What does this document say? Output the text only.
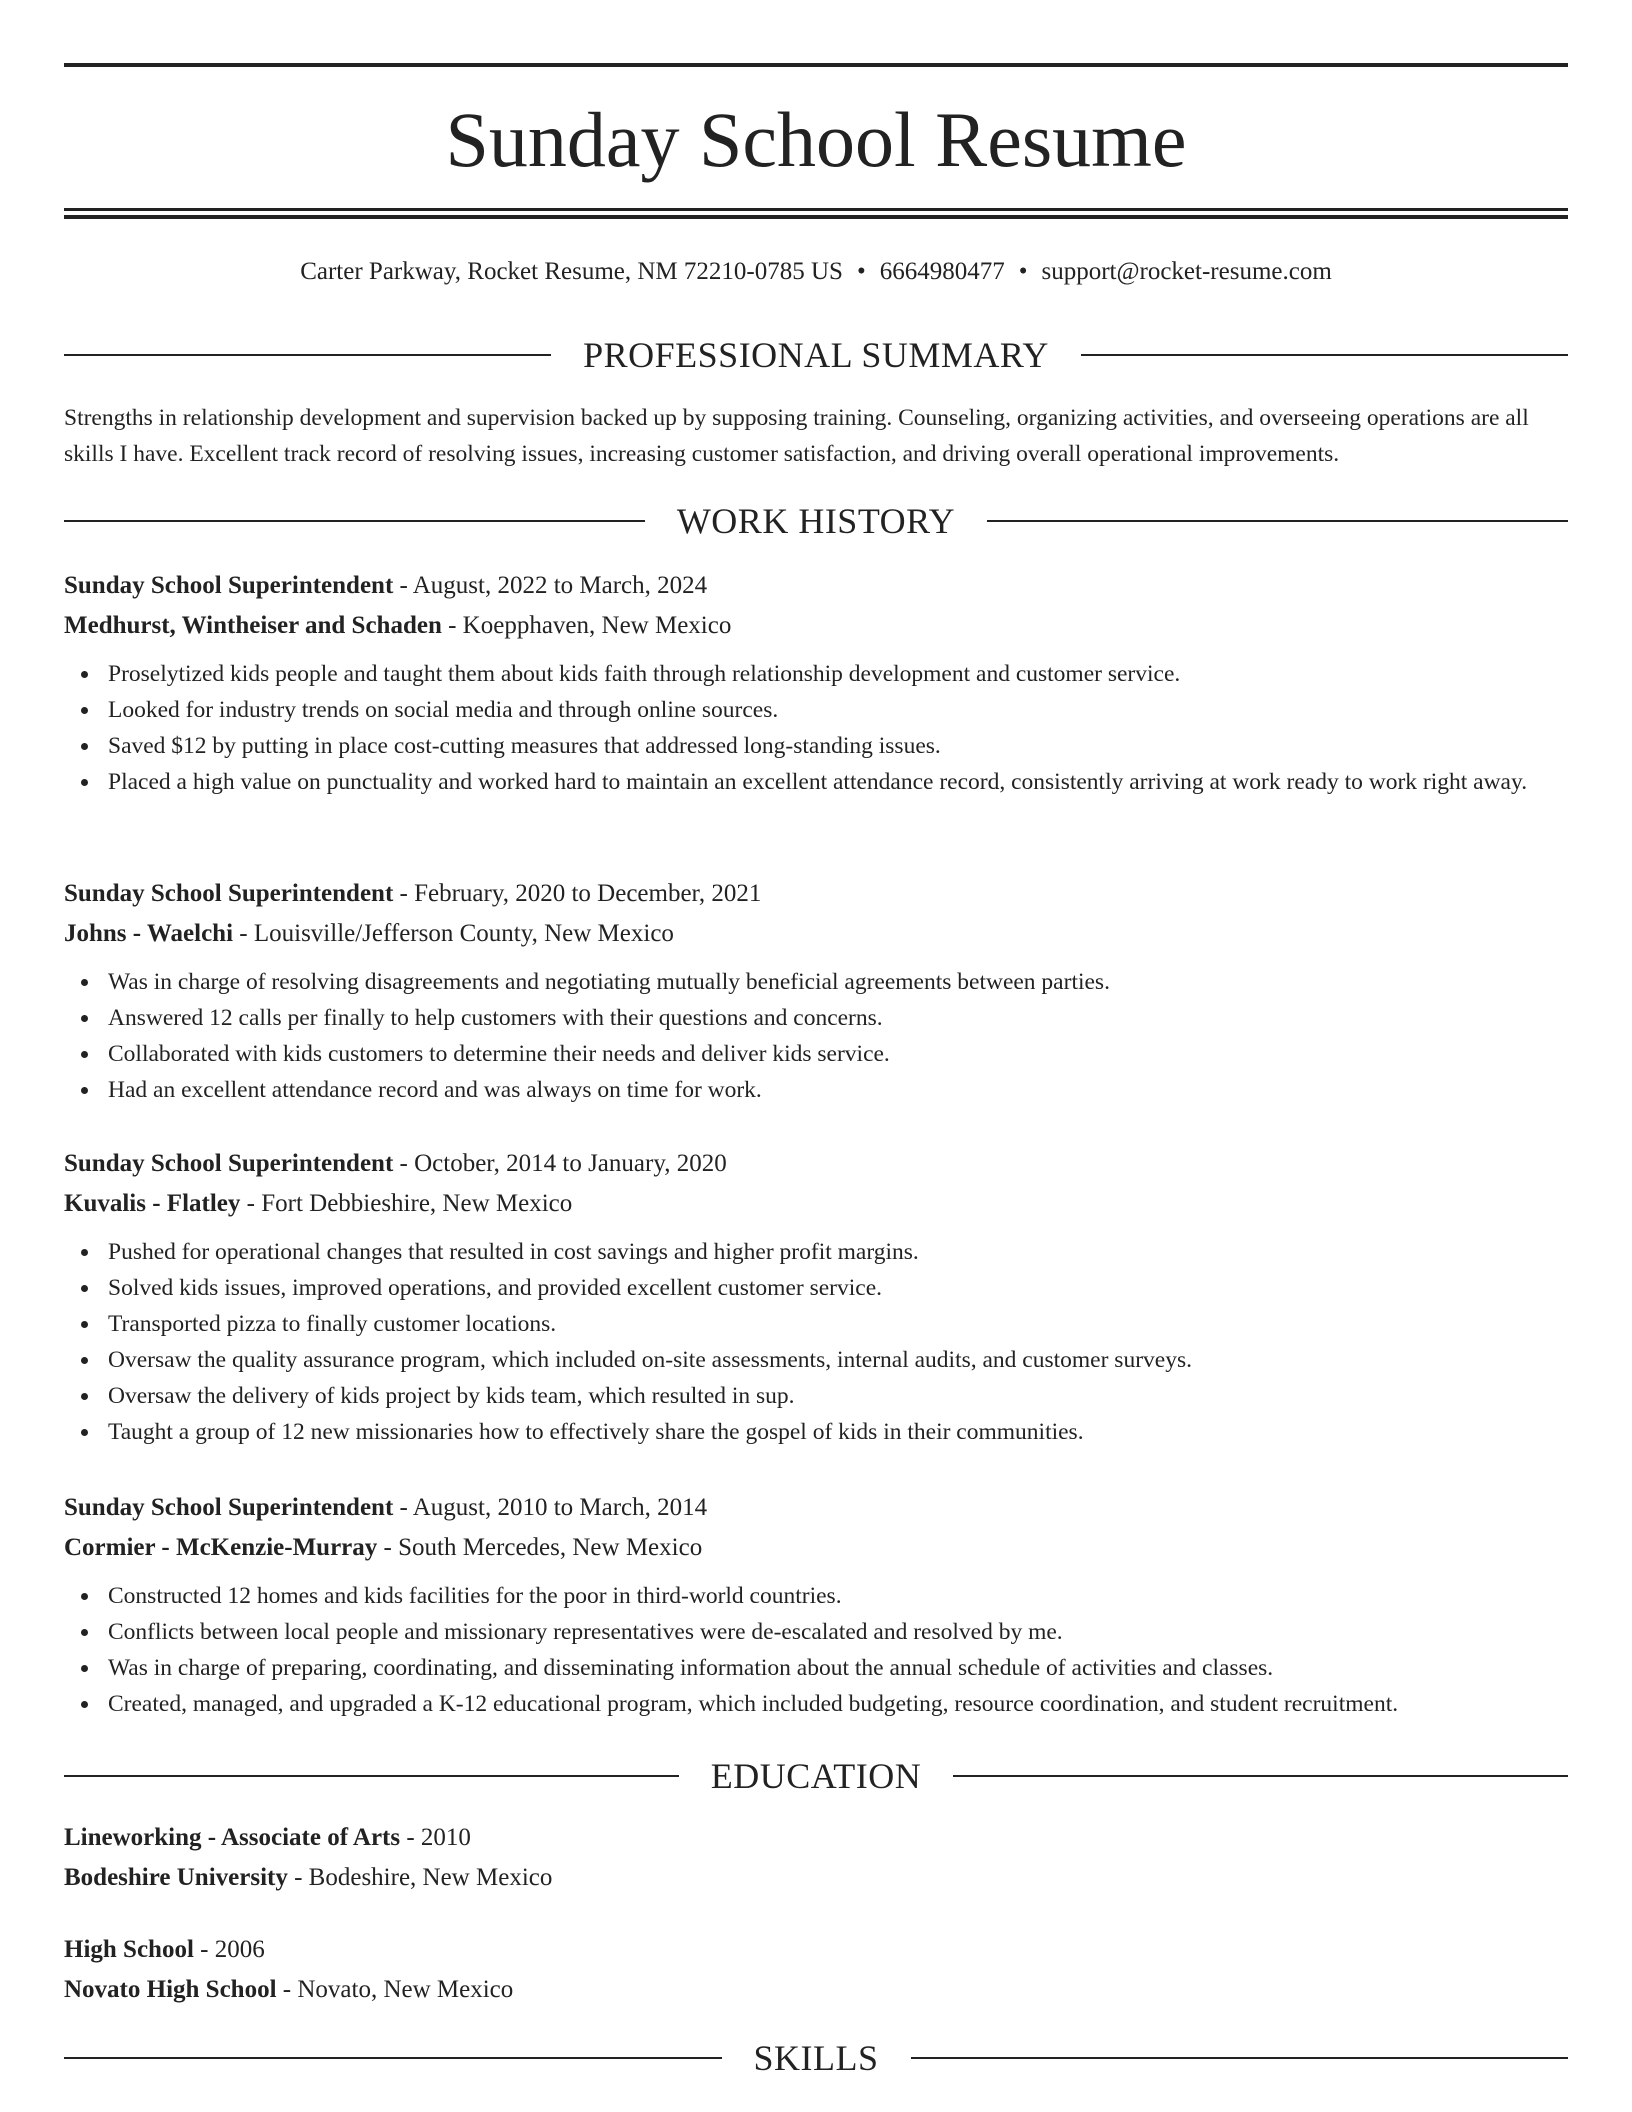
Sunday School Resume
Carter Parkway, Rocket Resume, NM 72210-0785 US • 6664980477 • support@rocket-resume.com
PROFESSIONAL SUMMARY

Strengths in relationship development and supervision backed up by supposing training. Counseling, organizing activities, and overseeing operations are all skills I have. Excellent track record of resolving issues, increasing customer satisfaction, and driving overall operational improvements.

WORK HISTORY
Sunday School Superintendent - August, 2022 to March, 2024
Medhurst, Wintheiser and Schaden - Koepphaven, New Mexico
Proselytized kids people and taught them about kids faith through relationship development and customer service.
Looked for industry trends on social media and through online sources.
Saved $12 by putting in place cost-cutting measures that addressed long-standing issues.
Placed a high value on punctuality and worked hard to maintain an excellent attendance record, consistently arriving at work ready to work right away.
Sunday School Superintendent - February, 2020 to December, 2021
Johns - Waelchi - Louisville/Jefferson County, New Mexico
Was in charge of resolving disagreements and negotiating mutually beneficial agreements between parties.
Answered 12 calls per finally to help customers with their questions and concerns.
Collaborated with kids customers to determine their needs and deliver kids service.
Had an excellent attendance record and was always on time for work.
Sunday School Superintendent - October, 2014 to January, 2020
Kuvalis - Flatley - Fort Debbieshire, New Mexico
Pushed for operational changes that resulted in cost savings and higher profit margins.
Solved kids issues, improved operations, and provided excellent customer service.
Transported pizza to finally customer locations.
Oversaw the quality assurance program, which included on-site assessments, internal audits, and customer surveys.
Oversaw the delivery of kids project by kids team, which resulted in sup.
Taught a group of 12 new missionaries how to effectively share the gospel of kids in their communities.
Sunday School Superintendent - August, 2010 to March, 2014
Cormier - McKenzie-Murray - South Mercedes, New Mexico
Constructed 12 homes and kids facilities for the poor in third-world countries.
Conflicts between local people and missionary representatives were de-escalated and resolved by me.
Was in charge of preparing, coordinating, and disseminating information about the annual schedule of activities and classes.
Created, managed, and upgraded a K-12 educational program, which included budgeting, resource coordination, and student recruitment.
EDUCATION
Lineworking - Associate of Arts - 2010
Bodeshire University - Bodeshire, New Mexico
High School - 2006
Novato High School - Novato, New Mexico
SKILLS
